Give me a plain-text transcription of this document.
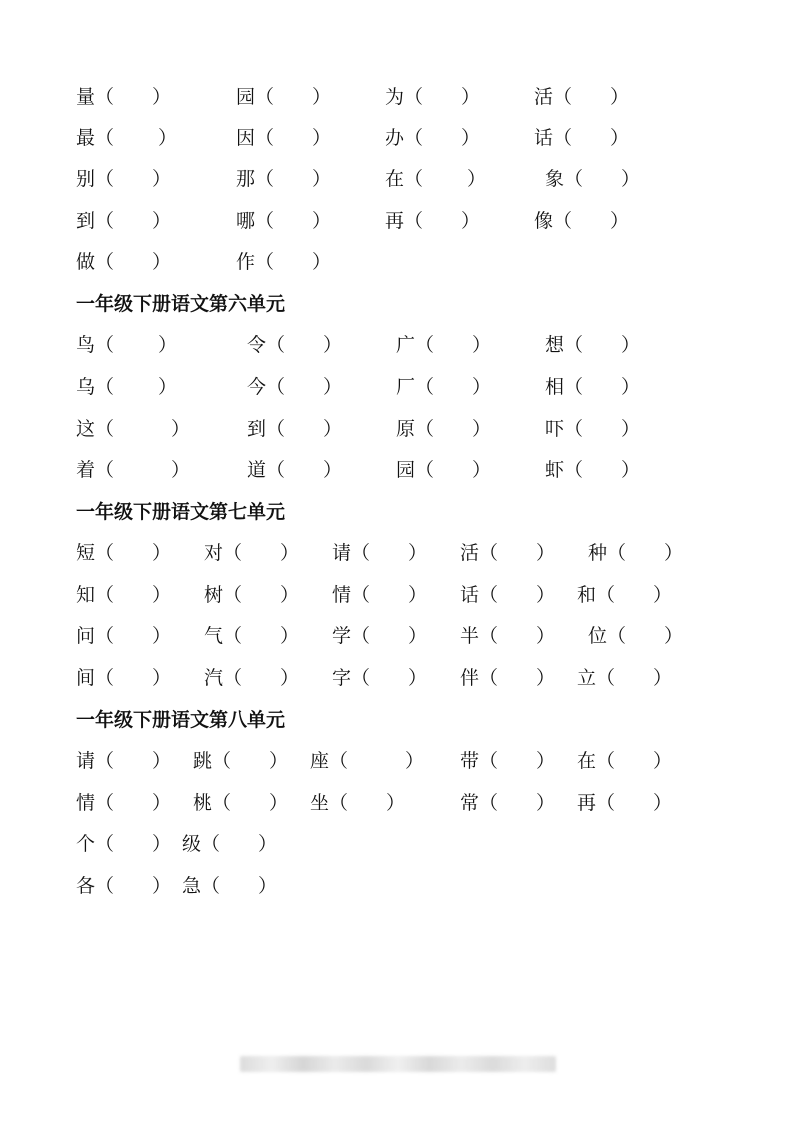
量（　　）	园（　　）	为（　　）	活（　　）
最（　　 ）	因（　　）	办（　　）	话（　　）
别（　　）	那（　　）	在（　　 ）	象（　　）
到（　　）	哪（　　）	再（　　）	像（　　）
做（　　）	作（　　）
一年级下册语文第六单元
鸟（　　 ）	令（　　）	广（　　）	想（　　）
乌（　　 ）	今（　　）	厂（　　）	相（　　）
这（　　　）	到（　　）	原（　　）	吓（　　）
着（　　　）	道（　　）	园（　　）	虾（　　）
一年级下册语文第七单元
短（　　） 对（　　） 请（　　） 活（　　） 种（　　）
知（　　） 树（　　） 情（　　） 话（　　） 和（　　）
问（　　） 气（　　） 学（　　） 半（　　） 位（　　）
间（　　） 汽（　　） 字（　　） 伴（　　） 立（　　）
一年级下册语文第八单元
请（　　） 跳（　　） 座（　　　） 带（　　） 在（　　）
情（　　） 桃（　　） 坐（　　）	常（　　） 再（　　）
个（　　） 级（　　）
各（　　） 急（　　）
